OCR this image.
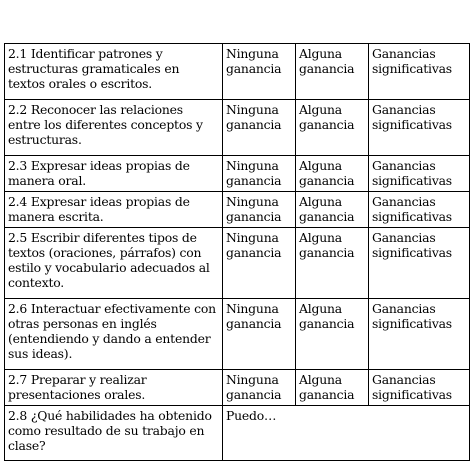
2.1 Identificar patrones y estructuras gramaticales en textos orales o escritos.	Ninguna ganancia	Alguna ganancia	Ganancias significativas
2.2 Reconocer las relaciones entre los diferentes conceptos y estructuras.	Ninguna ganancia	Alguna ganancia	Ganancias significativas
2.3 Expresar ideas propias de manera oral.	Ninguna ganancia	Alguna ganancia	Ganancias significativas
2.4 Expresar ideas propias de manera escrita.	Ninguna ganancia	Alguna ganancia	Ganancias significativas
2.5 Escribir diferentes tipos de textos (oraciones, párrafos) con estilo y vocabulario adecuados al contexto.	Ninguna ganancia	Alguna ganancia	Ganancias significativas
2.6 Interactuar efectivamente con otras personas en inglés (entendiendo y dando a entender sus ideas).	Ninguna ganancia	Alguna ganancia	Ganancias significativas
2.7 Preparar y realizar presentaciones orales.	Ninguna ganancia	Alguna ganancia	Ganancias significativas
2.8 ¿Qué habilidades ha obtenido como resultado de su trabajo en clase?	Puedo…		
